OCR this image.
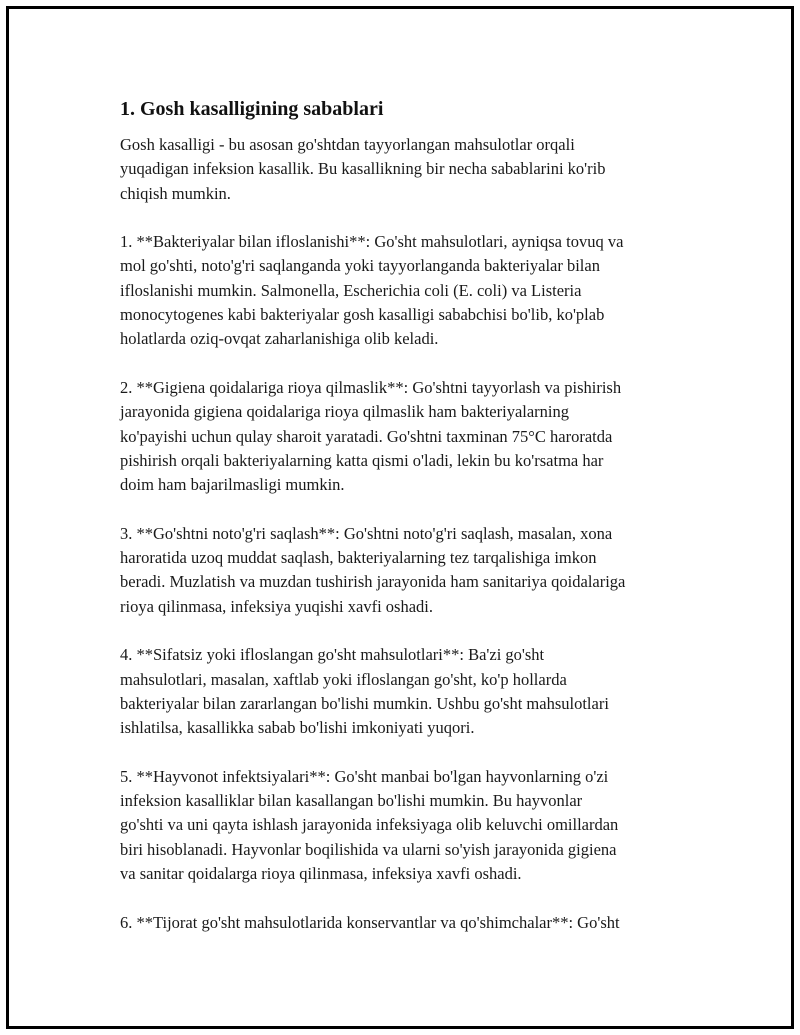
1. Gosh kasalligining sabablari

Gosh kasalligi - bu asosan go'shtdan tayyorlangan mahsulotlar orqali
yuqadigan infeksion kasallik. Bu kasallikning bir necha sabablarini ko'rib
chiqish mumkin.

1. **Bakteriyalar bilan ifloslanishi**: Go'sht mahsulotlari, ayniqsa tovuq va
mol go'shti, noto'g'ri saqlanganda yoki tayyorlanganda bakteriyalar bilan
ifloslanishi mumkin. Salmonella, Escherichia coli (E. coli) va Listeria
monocytogenes kabi bakteriyalar gosh kasalligi sababchisi bo'lib, ko'plab
holatlarda oziq-ovqat zaharlanishiga olib keladi.

2. **Gigiena qoidalariga rioya qilmaslik**: Go'shtni tayyorlash va pishirish
jarayonida gigiena qoidalariga rioya qilmaslik ham bakteriyalarning
ko'payishi uchun qulay sharoit yaratadi. Go'shtni taxminan 75°C haroratda
pishirish orqali bakteriyalarning katta qismi o'ladi, lekin bu ko'rsatma har
doim ham bajarilmasligi mumkin.

3. **Go'shtni noto'g'ri saqlash**: Go'shtni noto'g'ri saqlash, masalan, xona
haroratida uzoq muddat saqlash, bakteriyalarning tez tarqalishiga imkon
beradi. Muzlatish va muzdan tushirish jarayonida ham sanitariya qoidalariga
rioya qilinmasa, infeksiya yuqishi xavfi oshadi.

4. **Sifatsiz yoki ifloslangan go'sht mahsulotlari**: Ba'zi go'sht
mahsulotlari, masalan, xaftlab yoki ifloslangan go'sht, ko'p hollarda
bakteriyalar bilan zararlangan bo'lishi mumkin. Ushbu go'sht mahsulotlari
ishlatilsa, kasallikka sabab bo'lishi imkoniyati yuqori.

5. **Hayvonot infektsiyalari**: Go'sht manbai bo'lgan hayvonlarning o'zi
infeksion kasalliklar bilan kasallangan bo'lishi mumkin. Bu hayvonlar
go'shti va uni qayta ishlash jarayonida infeksiyaga olib keluvchi omillardan
biri hisoblanadi. Hayvonlar boqilishida va ularni so'yish jarayonida gigiena
va sanitar qoidalarga rioya qilinmasa, infeksiya xavfi oshadi.

6. **Tijorat go'sht mahsulotlarida konservantlar va qo'shimchalar**: Go'sht
